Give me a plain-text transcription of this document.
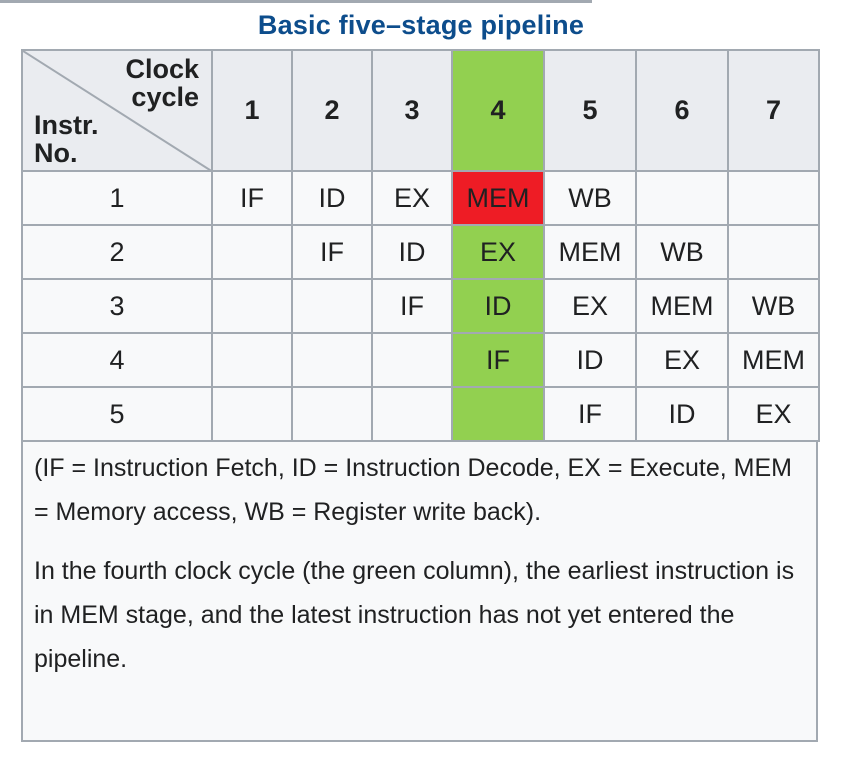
Basic five–stage pipeline
Clock
cycle
Instr.
No.	1	2	3	4	5	6	7
1	IF	ID	EX	MEM	WB		
2		IF	ID	EX	MEM	WB	
3			IF	ID	EX	MEM	WB
4				IF	ID	EX	MEM
5					IF	ID	EX

(IF = Instruction Fetch, ID = Instruction Decode, EX = Execute, MEM = Memory access, WB = Register write back).

In the fourth clock cycle (the green column), the earliest instruction is in MEM stage, and the latest instruction has not yet entered the pipeline.
